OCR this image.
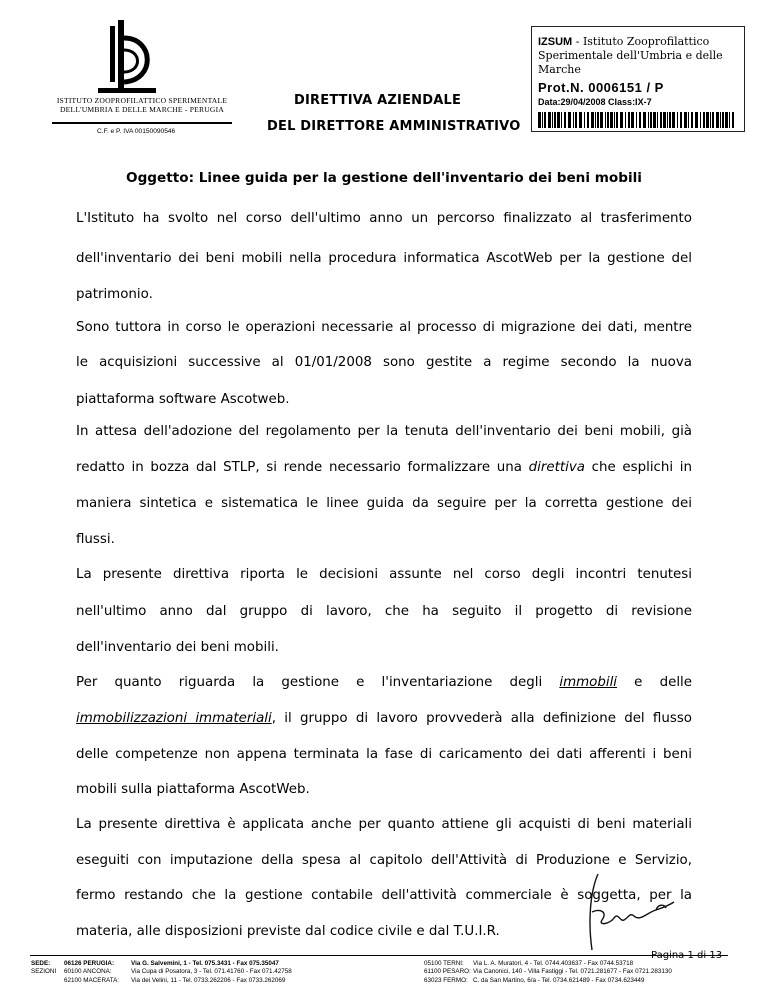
ISTITUTO ZOOPROFILATTICO SPERIMENTALE
DELL'UMBRIA E DELLE MARCHE - PERUGIA
C.F. e P. IVA 00150090546
DIRETTIVA AZIENDALE
DEL DIRETTORE AMMINISTRATIVO
IZSUM - Istituto Zooprofilattico Sperimentale dell'Umbria e delle Marche
Prot.N. 0006151 / P
Data:29/04/2008 Class:IX-7
Oggetto: Linee guida per la gestione dell'inventario dei beni mobili
L'Istituto ha svolto nel corso dell'ultimo anno un percorso finalizzato al trasferimento
dell'inventario dei beni mobili nella procedura informatica AscotWeb per la gestione del
patrimonio.
Sono tuttora in corso le operazioni necessarie al processo di migrazione dei dati, mentre
le acquisizioni successive al 01/01/2008 sono gestite a regime secondo la nuova
piattaforma software Ascotweb.
In attesa dell'adozione del regolamento per la tenuta dell'inventario dei beni mobili, già
redatto in bozza dal STLP, si rende necessario formalizzare una direttiva che esplichi in
maniera sintetica e sistematica le linee guida da seguire per la corretta gestione dei
flussi.
La presente direttiva riporta le decisioni assunte nel corso degli incontri tenutesi
nell'ultimo anno dal gruppo di lavoro, che ha seguito il progetto di revisione
dell'inventario dei beni mobili.
Per quanto riguarda la gestione e l'inventariazione degli immobili e delle
immobilizzazioni immateriali, il gruppo di lavoro provvederà alla definizione del flusso
delle competenze non appena terminata la fase di caricamento dei dati afferenti i beni
mobili sulla piattaforma AscotWeb.
La presente direttiva è applicata anche per quanto attiene gli acquisti di beni materiali
eseguiti con imputazione della spesa al capitolo dell'Attività di Produzione e Servizio,
fermo restando che la gestione contabile dell'attività commerciale è soggetta, per la
materia, alle disposizioni previste dal codice civile e dal T.U.I.R.
Pagina 1 di 13
SEDE:
SEZIONI
06126 PERUGIA:
60100 ANCONA:
62100 MACERATA:
Via G. Salvemini, 1 - Tel. 075.3431 - Fax 075.35047
Via Cupa di Posatora, 3 - Tel. 071.41760 - Fax 071.42758
Via dei Velini, 11 - Tel. 0733.262206 - Fax 0733.262069
05100 TERNI:
61100 PESARO:
63023 FERMO:
Via L. A. Muratori, 4 - Tel. 0744.403637 - Fax 0744.53718
Via Canonici, 140 - Villa Fastiggi - Tel. 0721.281677 - Fax 0721.283130
C. da San Martino, 6/a - Tel. 0734.621489 - Fax 0734.623449
